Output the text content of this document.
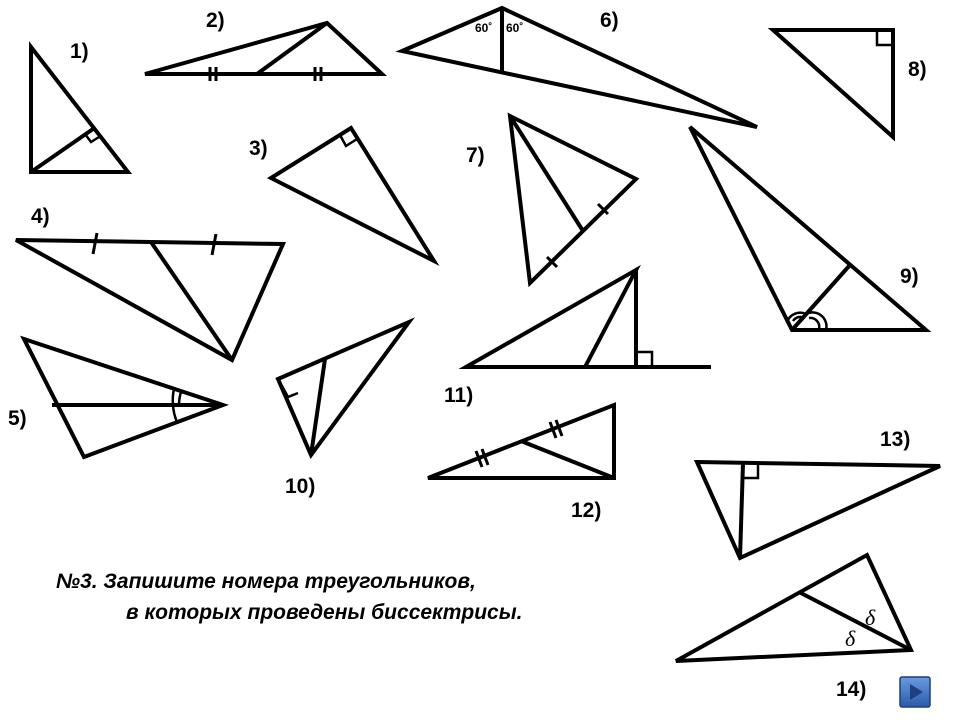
1)
2)
3)
4)
5)
60˚ 60˚	6)
7)
8)
9)
10)
11)
12)
13)
δ
δ
14)
№3. Запишите номера треугольников,
в которых проведены биссектрисы.
